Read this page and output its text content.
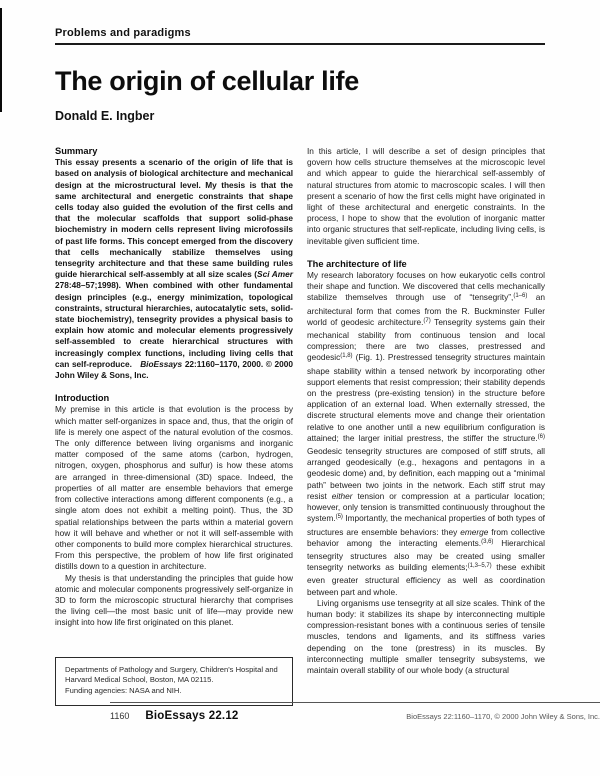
Problems and paradigms
The origin of cellular life
Donald E. Ingber
Summary

This essay presents a scenario of the origin of life that is based on analysis of biological architecture and mechanical design at the microstructural level. My thesis is that the same architectural and energetic constraints that shape cells today also guided the evolution of the first cells and that the molecular scaffolds that support solid-phase biochemistry in modern cells represent living microfossils of past life forms. This concept emerged from the discovery that cells mechanically stabilize themselves using tensegrity architecture and that these same building rules guide hierarchical self-assembly at all size scales (Sci Amer 278:48–57;1998). When combined with other fundamental design principles (e.g., energy minimization, topological constraints, structural hierarchies, autocatalytic sets, solid-state biochemistry), tensegrity provides a physical basis to explain how atomic and molecular elements progressively self-assembled to create hierarchical structures with increasingly complex functions, including living cells that can self-reproduce.  BioEssays 22:1160–1170, 2000. © 2000 John Wiley & Sons, Inc.

Introduction

My premise in this article is that evolution is the process by which matter self-organizes in space and, thus, that the origin of life is merely one aspect of the natural evolution of the cosmos. The only difference between living organisms and inorganic matter composed of the same atoms (carbon, hydrogen, nitrogen, oxygen, phosphorus and sulfur) is how these atoms are arranged in three-dimensional (3D) space. Indeed, the properties of all matter are ensemble behaviors that emerge from collective interactions among different components (e.g., a single atom does not exhibit a melting point). Thus, the 3D spatial relationships between the parts within a material govern how it will behave and whether or not it will self-assemble with other components to build more complex hierarchical structures. From this perspective, the problem of how life first originated distills down to a question in architecture.

My thesis is that understanding the principles that guide how atomic and molecular components progressively self-organize in 3D to form the microscopic structural hierarchy that comprises the living cell—the most basic unit of life—may provide new insight into how life first originated on this planet.

Departments of Pathology and Surgery, Children's Hospital and Harvard Medical School, Boston, MA 02115.
Funding agencies: NASA and NIH.

In this article, I will describe a set of design principles that govern how cells structure themselves at the microscopic level and which appear to guide the hierarchical self-assembly of natural structures from atomic to macroscopic scales. I will then present a scenario of how the first cells might have originated in light of these architectural and energetic constraints. In the process, I hope to show that the evolution of inorganic matter into organic structures that self-replicate, including living cells, is inevitable given sufficient time.

The architecture of life

My research laboratory focuses on how eukaryotic cells control their shape and function. We discovered that cells mechanically stabilize themselves through use of “tensegrity”,$^{(1-6)}$ an architectural form that comes from the R. Buckminster Fuller world of geodesic architecture.$^{(7)}$ Tensegrity systems gain their mechanical stability from continuous tension and local compression; there are two classes, prestressed and geodesic$^{(1,8)}$ (Fig. 1). Prestressed tensegrity structures maintain shape stability within a tensed network by incorporating other support elements that resist compression; their stability depends on the prestress (pre-existing tension) in the structure before application of an external load. When externally stressed, the discrete structural elements move and change their orientation relative to one another until a new equilibrium configuration is attained; the larger initial prestress, the stiffer the structure.$^{(6)}$ Geodesic tensegrity structures are composed of stiff struts, all arranged geodesically (e.g., hexagons and pentagons in a geodesic dome) and, by definition, each mapping out a “minimal path” between two joints in the network. Each stiff strut may resist either tension or compression at a particular location; however, only tension is transmitted continuously throughout the system.$^{(5)}$ Importantly, the mechanical properties of both types of structures are ensemble behaviors: they emerge from collective behavior among the interacting elements.$^{(3,6)}$ Hierarchical tensegrity structures also may be created using smaller tensegrity networks as building elements;$^{(1,3-5,7)}$ these exhibit even greater structural efficiency as well as coordination between part and whole.

Living organisms use tensegrity at all size scales. Think of the human body: it stabilizes its shape by interconnecting multiple compression-resistant bones with a continuous series of tensile muscles, tendons and ligaments, and its stiffness varies depending on the tone (prestress) in its muscles. By interconnecting multiple smaller tensegrity subsystems, we maintain overall stability of our whole body (a structural

1160 BioEssays 22.12	BioEssays 22:1160–1170, © 2000 John Wiley & Sons, Inc.
